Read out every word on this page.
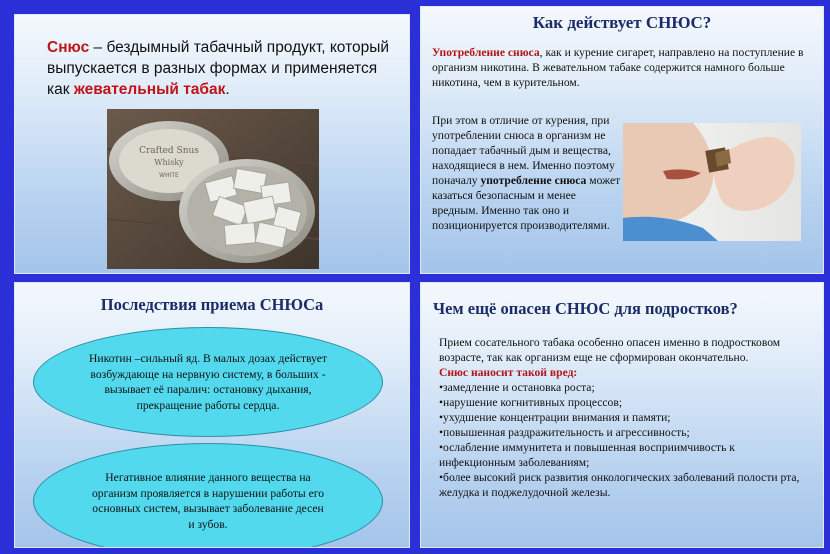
Снюс – бездымный табачный продукт, который выпускается в разных формах и применяется как жевательный табак.

Crafted Snus
Whisky
WHITE
Как действует СНЮС?

Употребление снюса, как и курение сигарет, направлено на поступление в организм никотина. В жевательном табаке содержится намного больше никотина, чем в курительном.

При этом в отличие от курения, при употреблении снюса в организм не попадает табачный дым и вещества, находящиеся в нем. Именно поэтому поначалу употребление снюса может казаться безопасным и менее вредным. Именно так оно и позиционируется производителями.

Последствия приема СНЮСа
Никотин –сильный яд. В малых дозах действует возбуждающе на нервную систему, в больших - вызывает её паралич: остановку дыхания, прекращение работы сердца.
Негативное влияние данного вещества на организм проявляется в нарушении работы его основных систем, вызывает заболевание десен и зубов.
Чем ещё опасен СНЮС для подростков?
Прием сосательного табака особенно опасен именно в подростковом возрасте, так как организм еще не сформирован окончательно.
Снюс наносит такой вред:
•замедление и остановка роста;
•нарушение когнитивных процессов;
•ухудшение концентрации внимания и памяти;
•повышенная раздражительность и агрессивность;
•ослабление иммунитета и повышенная восприимчивость к инфекционным заболеваниям;
•более высокий риск развития онкологических заболеваний полости рта, желудка и поджелудочной железы.
